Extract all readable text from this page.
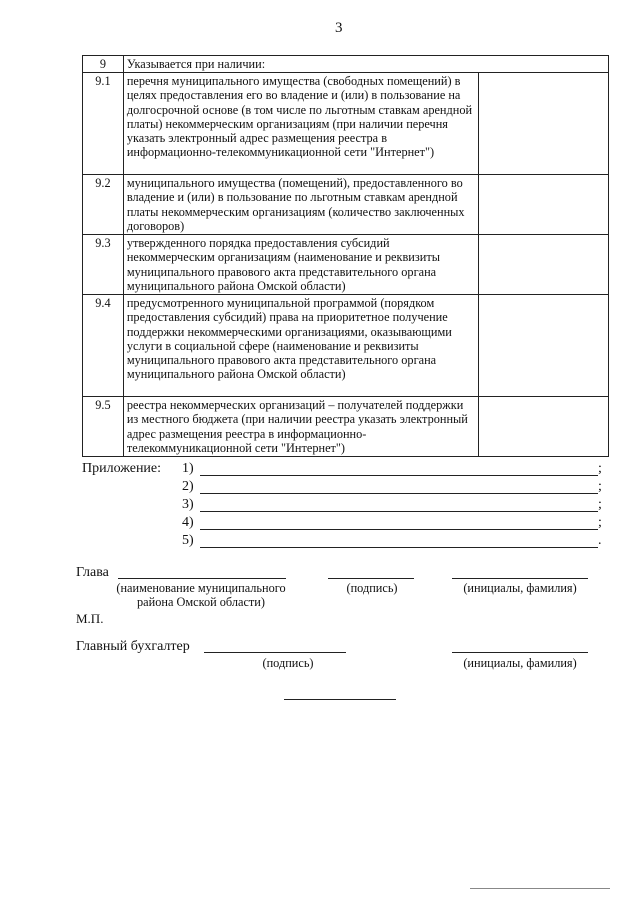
3
9	Указывается при наличии:	
9.1	перечня муниципального имущества (свободных помещений) в целях предоставления его во владение и (или) в пользование на долгосрочной основе (в том числе по льготным ставкам арендной платы) некоммерческим организациям (при наличии перечня указать электронный адрес размещения реестра в информационно-телекоммуникационной сети "Интернет")	
9.2	муниципального имущества (помещений), предоставленного во владение и (или) в пользование по льготным ставкам арендной платы некоммерческим организациям (количество заключенных договоров)	
9.3	утвержденного порядка предоставления субсидий некоммерческим организациям (наименование и реквизиты муниципального правового акта представительного органа муниципального района Омской области)	
9.4	предусмотренного муниципальной программой (порядком предоставления субсидий) права на приоритетное получение поддержки некоммерческими организациями, оказывающими услуги в социальной сфере (наименование и реквизиты муниципального правового акта представительного органа муниципального района Омской области)	
9.5	реестра некоммерческих организаций – получателей поддержки из местного бюджета (при наличии реестра указать электронный адрес размещения реестра в информационно-телекоммуникационной сети "Интернет")	
Приложение: 1)	;
2)	;
3)	;
4)	;
5)	.
Глава
(наименование муниципального района Омской области)
(подпись)	(инициалы, фамилия)
М.П.
Главный бухгалтер
(подпись)	(инициалы, фамилия)
